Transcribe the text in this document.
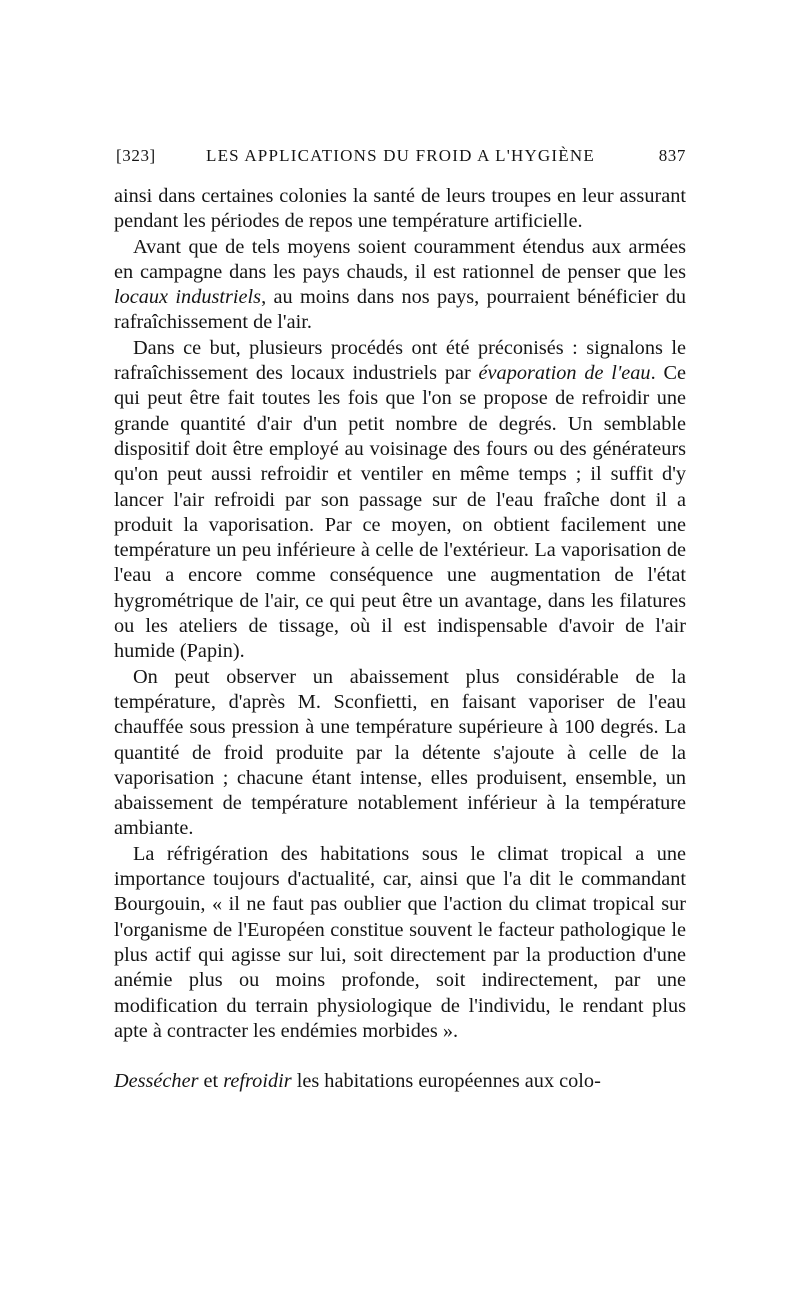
[323]	LES APPLICATIONS DU FROID A L'HYGIÈNE	837

ainsi dans certaines colonies la santé de leurs troupes en leur assurant pendant les périodes de repos une température artificielle.

Avant que de tels moyens soient couramment étendus aux armées en campagne dans les pays chauds, il est rationnel de penser que les locaux industriels, au moins dans nos pays, pourraient bénéficier du rafraîchissement de l'air.

Dans ce but, plusieurs procédés ont été préconisés : signalons le rafraîchissement des locaux industriels par évaporation de l'eau. Ce qui peut être fait toutes les fois que l'on se propose de refroidir une grande quantité d'air d'un petit nombre de degrés. Un semblable dispositif doit être employé au voisinage des fours ou des générateurs qu'on peut aussi refroidir et ventiler en même temps ; il suffit d'y lancer l'air refroidi par son passage sur de l'eau fraîche dont il a produit la vaporisation. Par ce moyen, on obtient facilement une température un peu inférieure à celle de l'extérieur. La vaporisation de l'eau a encore comme conséquence une augmentation de l'état hygrométrique de l'air, ce qui peut être un avantage, dans les filatures ou les ateliers de tissage, où il est indispensable d'avoir de l'air humide (Papin).

On peut observer un abaissement plus considérable de la température, d'après M. Sconfietti, en faisant vaporiser de l'eau chauffée sous pression à une température supérieure à 100 degrés. La quantité de froid produite par la détente s'ajoute à celle de la vaporisation ; chacune étant intense, elles produisent, ensemble, un abaissement de température notablement inférieur à la température ambiante.

La réfrigération des habitations sous le climat tropical a une importance toujours d'actualité, car, ainsi que l'a dit le commandant Bourgouin, « il ne faut pas oublier que l'action du climat tropical sur l'organisme de l'Européen constitue souvent le facteur pathologique le plus actif qui agisse sur lui, soit directement par la production d'une anémie plus ou moins profonde, soit indirectement, par une modification du terrain physiologique de l'individu, le rendant plus apte à contracter les endémies morbides ».

Dessécher et refroidir les habitations européennes aux colo-
